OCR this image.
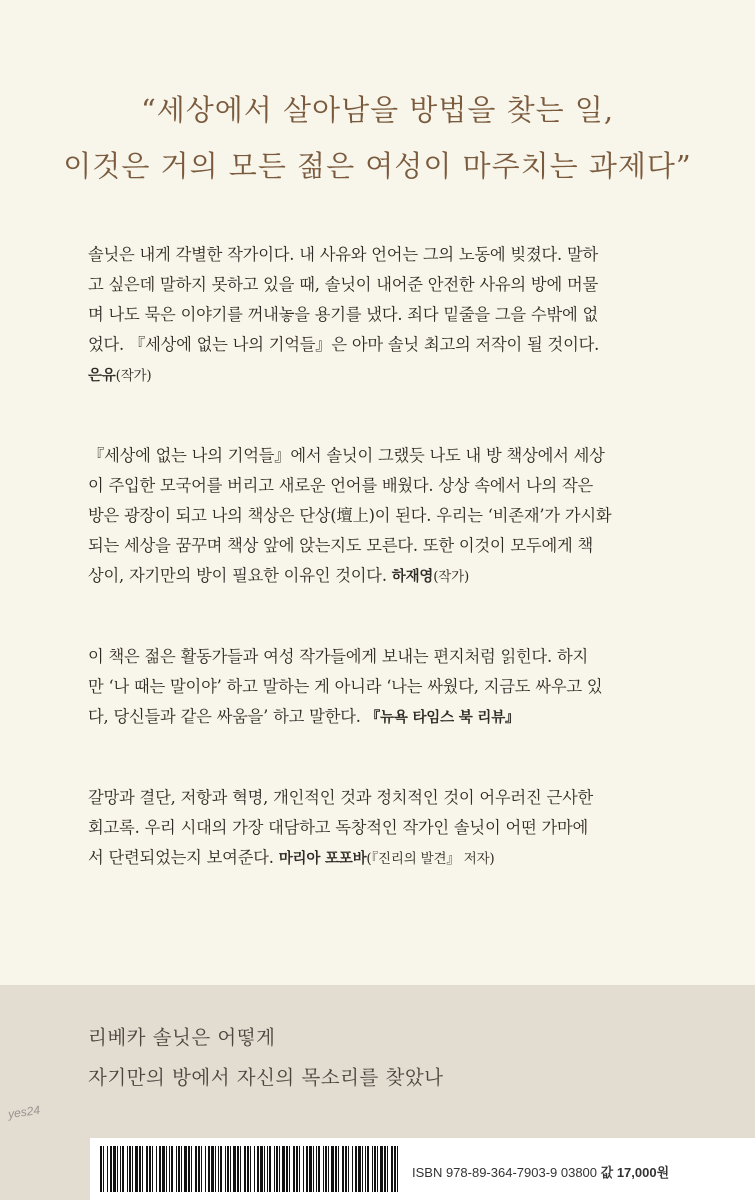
“세상에서 살아남을 방법을 찾는 일,
이것은 거의 모든 젊은 여성이 마주치는 과제다”
솔닛은 내게 각별한 작가이다. 내 사유와 언어는 그의 노동에 빚졌다. 말하
고 싶은데 말하지 못하고 있을 때, 솔닛이 내어준 안전한 사유의 방에 머물
며 나도 묵은 이야기를 꺼내놓을 용기를 냈다. 죄다 밑줄을 그을 수밖에 없
었다. 『세상에 없는 나의 기억들』은 아마 솔닛 최고의 저작이 될 것이다.
은유(작가)
『세상에 없는 나의 기억들』에서 솔닛이 그랬듯 나도 내 방 책상에서 세상
이 주입한 모국어를 버리고 새로운 언어를 배웠다. 상상 속에서 나의 작은
방은 광장이 되고 나의 책상은 단상(壇上)이 된다. 우리는 ‘비존재’가 가시화
되는 세상을 꿈꾸며 책상 앞에 앉는지도 모른다. 또한 이것이 모두에게 책
상이, 자기만의 방이 필요한 이유인 것이다. 하재영(작가)
이 책은 젊은 활동가들과 여성 작가들에게 보내는 편지처럼 읽힌다. 하지
만 ‘나 때는 말이야’ 하고 말하는 게 아니라 ‘나는 싸웠다, 지금도 싸우고 있
다, 당신들과 같은 싸움을’ 하고 말한다. 『뉴욕 타임스 북 리뷰』
갈망과 결단, 저항과 혁명, 개인적인 것과 정치적인 것이 어우러진 근사한
회고록. 우리 시대의 가장 대담하고 독창적인 작가인 솔닛이 어떤 가마에
서 단련되었는지 보여준다. 마리아 포포바(『진리의 발견』 저자)
리베카 솔닛은 어떻게
자기만의 방에서 자신의 목소리를 찾았나
yes24
ISBN 978-89-364-7903-9 03800 값 17,000원
